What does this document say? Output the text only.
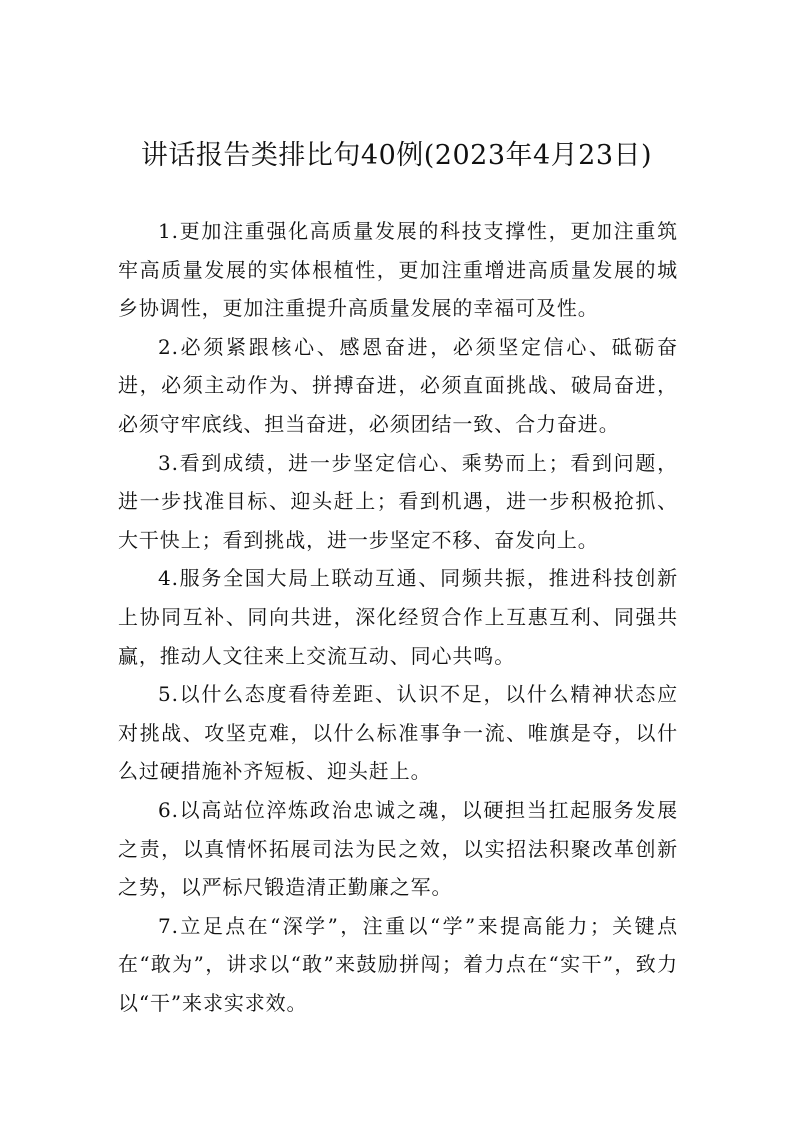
讲话报告类排比句40例(2023年4月23日)

1.更加注重强化高质量发展的科技支撑性，更加注重筑牢高质量发展的实体根植性，更加注重增进高质量发展的城乡协调性，更加注重提升高质量发展的幸福可及性。

2.必须紧跟核心、感恩奋进，必须坚定信心、砥砺奋进，必须主动作为、拼搏奋进，必须直面挑战、破局奋进，必须守牢底线、担当奋进，必须团结一致、合力奋进。

3.看到成绩，进一步坚定信心、乘势而上；看到问题，进一步找准目标、迎头赶上；看到机遇，进一步积极抢抓、大干快上；看到挑战，进一步坚定不移、奋发向上。

4.服务全国大局上联动互通、同频共振，推进科技创新上协同互补、同向共进，深化经贸合作上互惠互利、同强共赢，推动人文往来上交流互动、同心共鸣。

5.以什么态度看待差距、认识不足，以什么精神状态应对挑战、攻坚克难，以什么标准事争一流、唯旗是夺，以什么过硬措施补齐短板、迎头赶上。

6.以高站位淬炼政治忠诚之魂，以硬担当扛起服务发展之责，以真情怀拓展司法为民之效，以实招法积聚改革创新之势，以严标尺锻造清正勤廉之军。

7.立足点在“深学”，注重以“学”来提高能力；关键点在“敢为”，讲求以“敢”来鼓励拼闯；着力点在“实干”，致力以“干”来求实求效。
